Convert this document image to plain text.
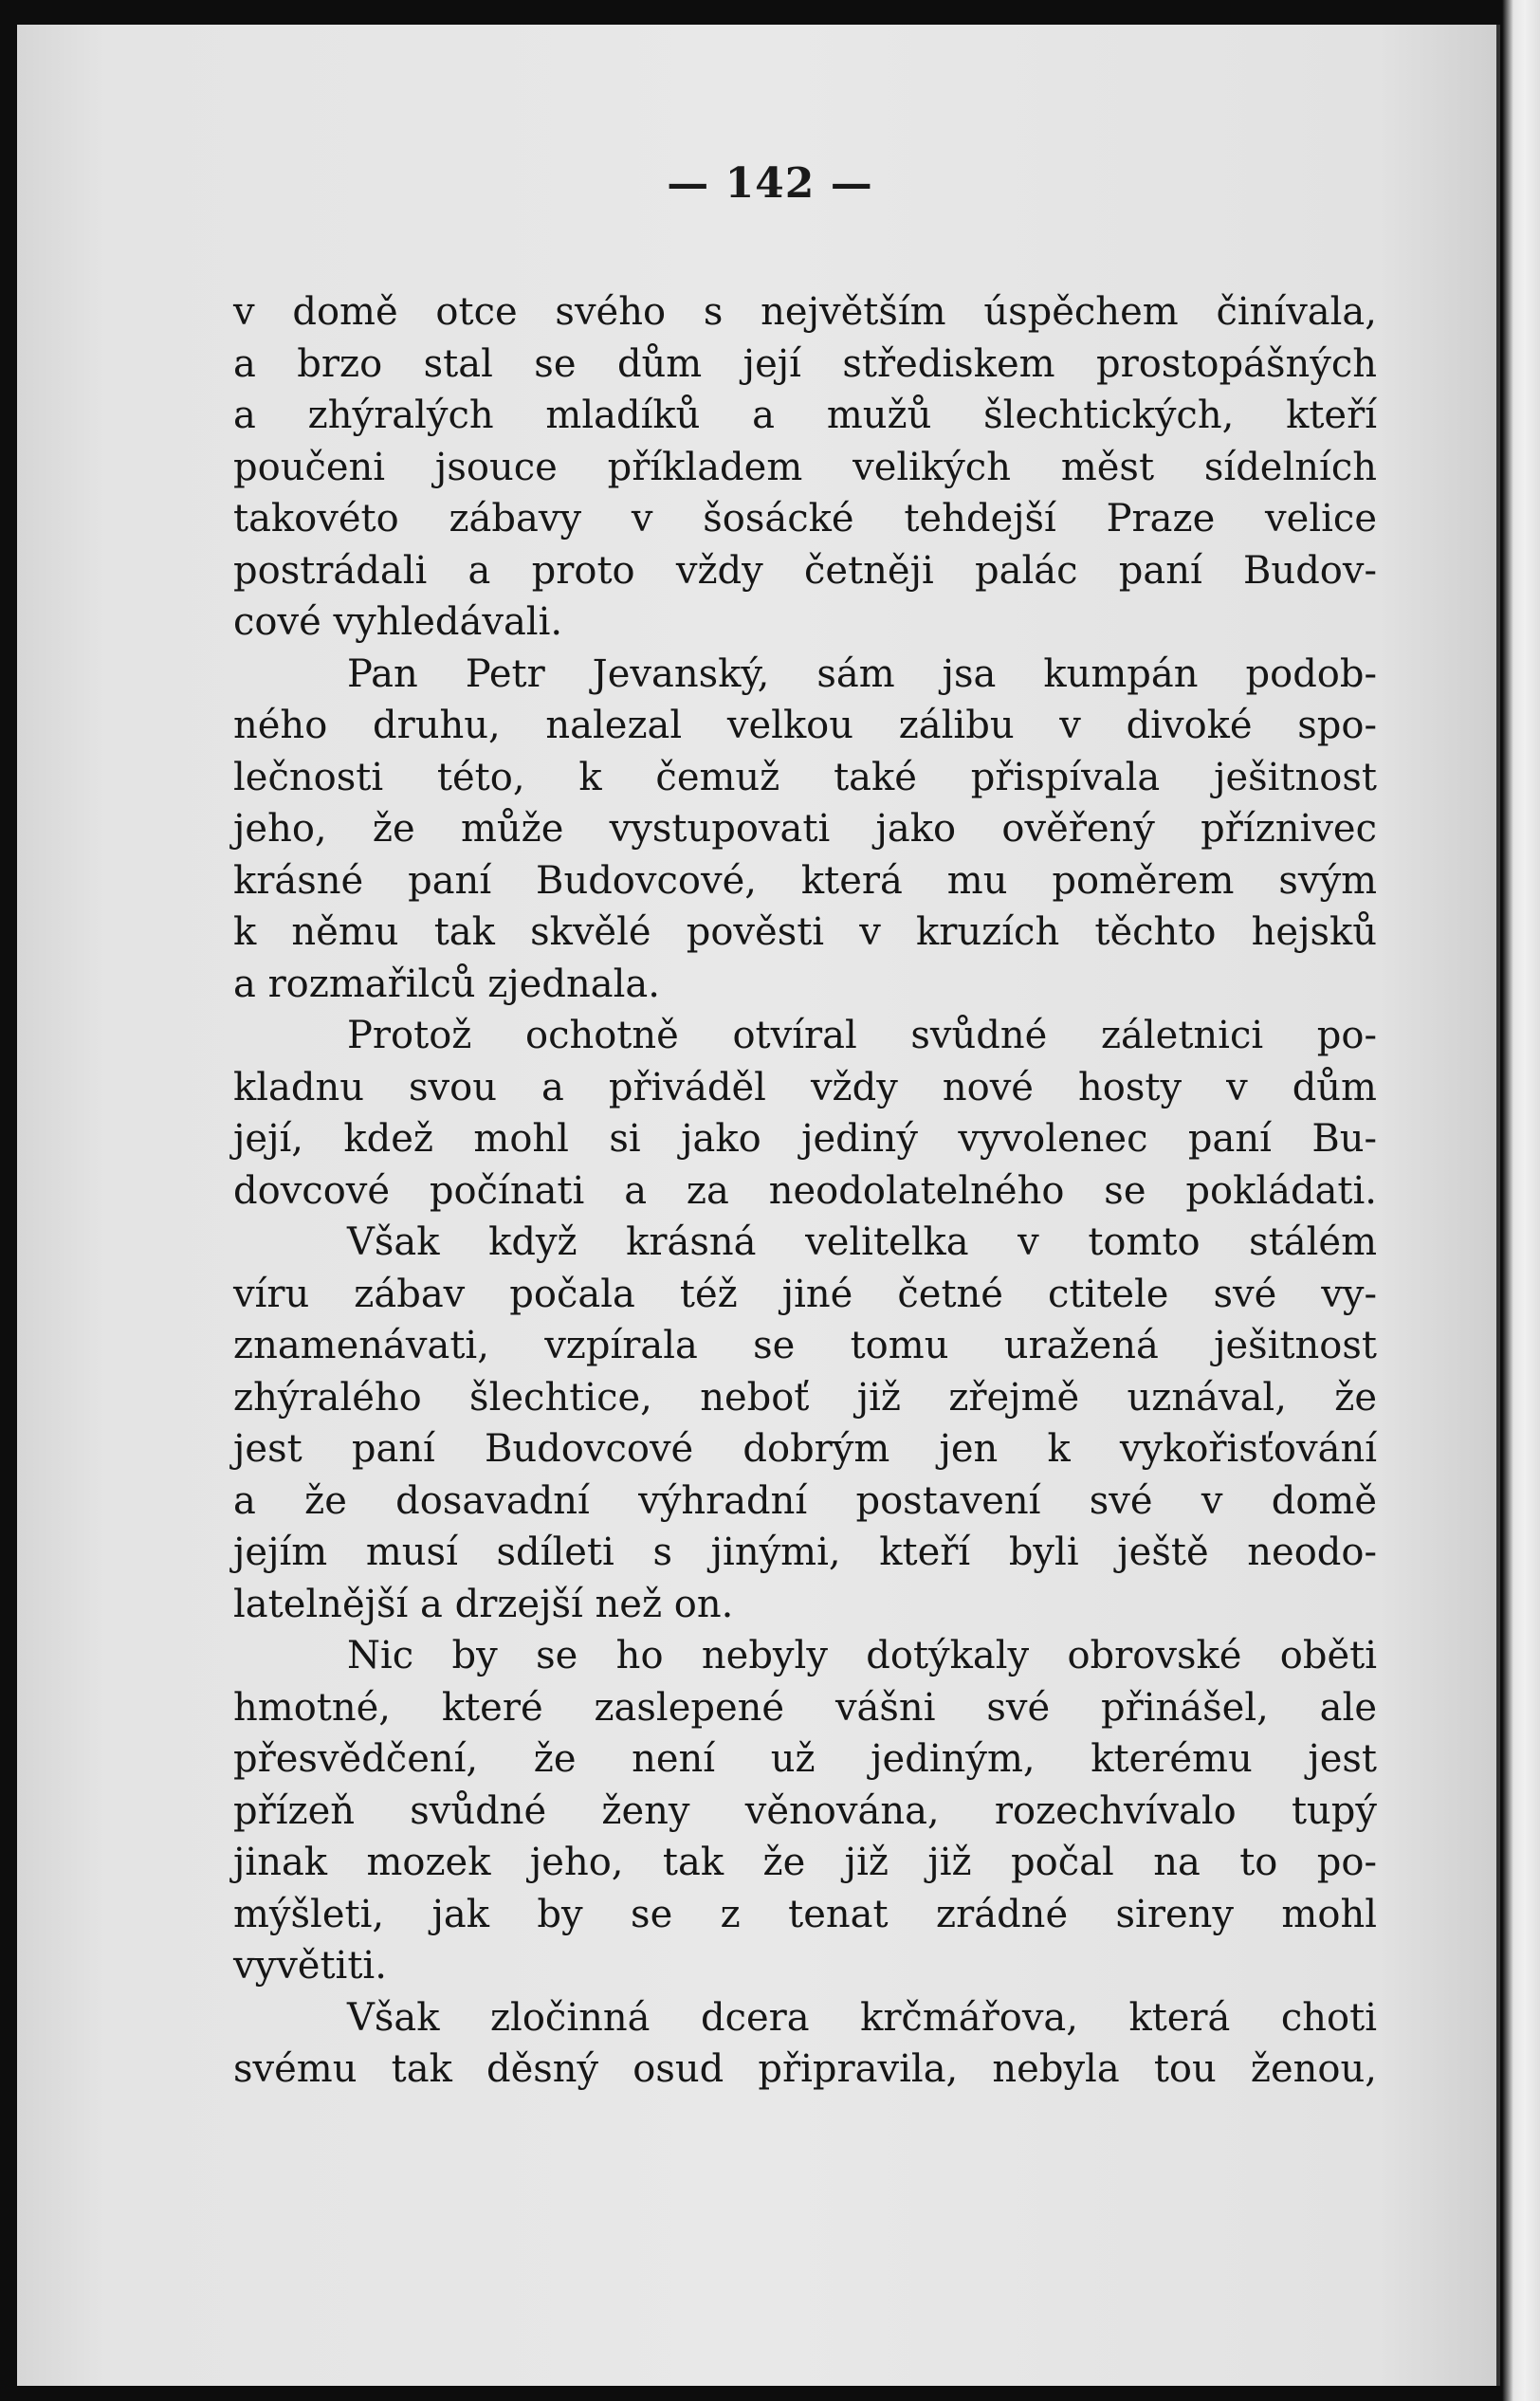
— 142 —
v domě otce svého s největším úspěchem činívala,
a brzo stal se dům její střediskem prostopášných
a zhýralých mladíků a mužů šlechtických, kteří
poučeni jsouce příkladem velikých měst sídelních
takovéto zábavy v šosácké tehdejší Praze velice
postrádali a proto vždy četněji palác paní Budov-
cové vyhledávali.
Pan Petr Jevanský, sám jsa kumpán podob-
ného druhu, nalezal velkou zálibu v divoké spo-
lečnosti této, k čemuž také přispívala ješitnost
jeho, že může vystupovati jako ověřený příznivec
krásné paní Budovcové, která mu poměrem svým
k němu tak skvělé pověsti v kruzích těchto hejsků
a rozmařilců zjednala.
Protož ochotně otvíral svůdné záletnici po-
kladnu svou a přiváděl vždy nové hosty v dům
její, kdež mohl si jako jediný vyvolenec paní Bu-
dovcové počínati a za neodolatelného se pokládati.
Však když krásná velitelka v tomto stálém
víru zábav počala též jiné četné ctitele své vy-
znamenávati, vzpírala se tomu uražená ješitnost
zhýralého šlechtice, neboť již zřejmě uznával, že
jest paní Budovcové dobrým jen k vykořisťování
a že dosavadní výhradní postavení své v domě
jejím musí sdíleti s jinými, kteří byli ještě neodo-
latelnější a drzejší než on.
Nic by se ho nebyly dotýkaly obrovské oběti
hmotné, které zaslepené vášni své přinášel, ale
přesvědčení, že není už jediným, kterému jest
přízeň svůdné ženy věnována, rozechvívalo tupý
jinak mozek jeho, tak že již již počal na to po-
mýšleti, jak by se z tenat zrádné sireny mohl
vyvětiti.
Však zločinná dcera krčmářova, která choti
svému tak děsný osud připravila, nebyla tou ženou,
